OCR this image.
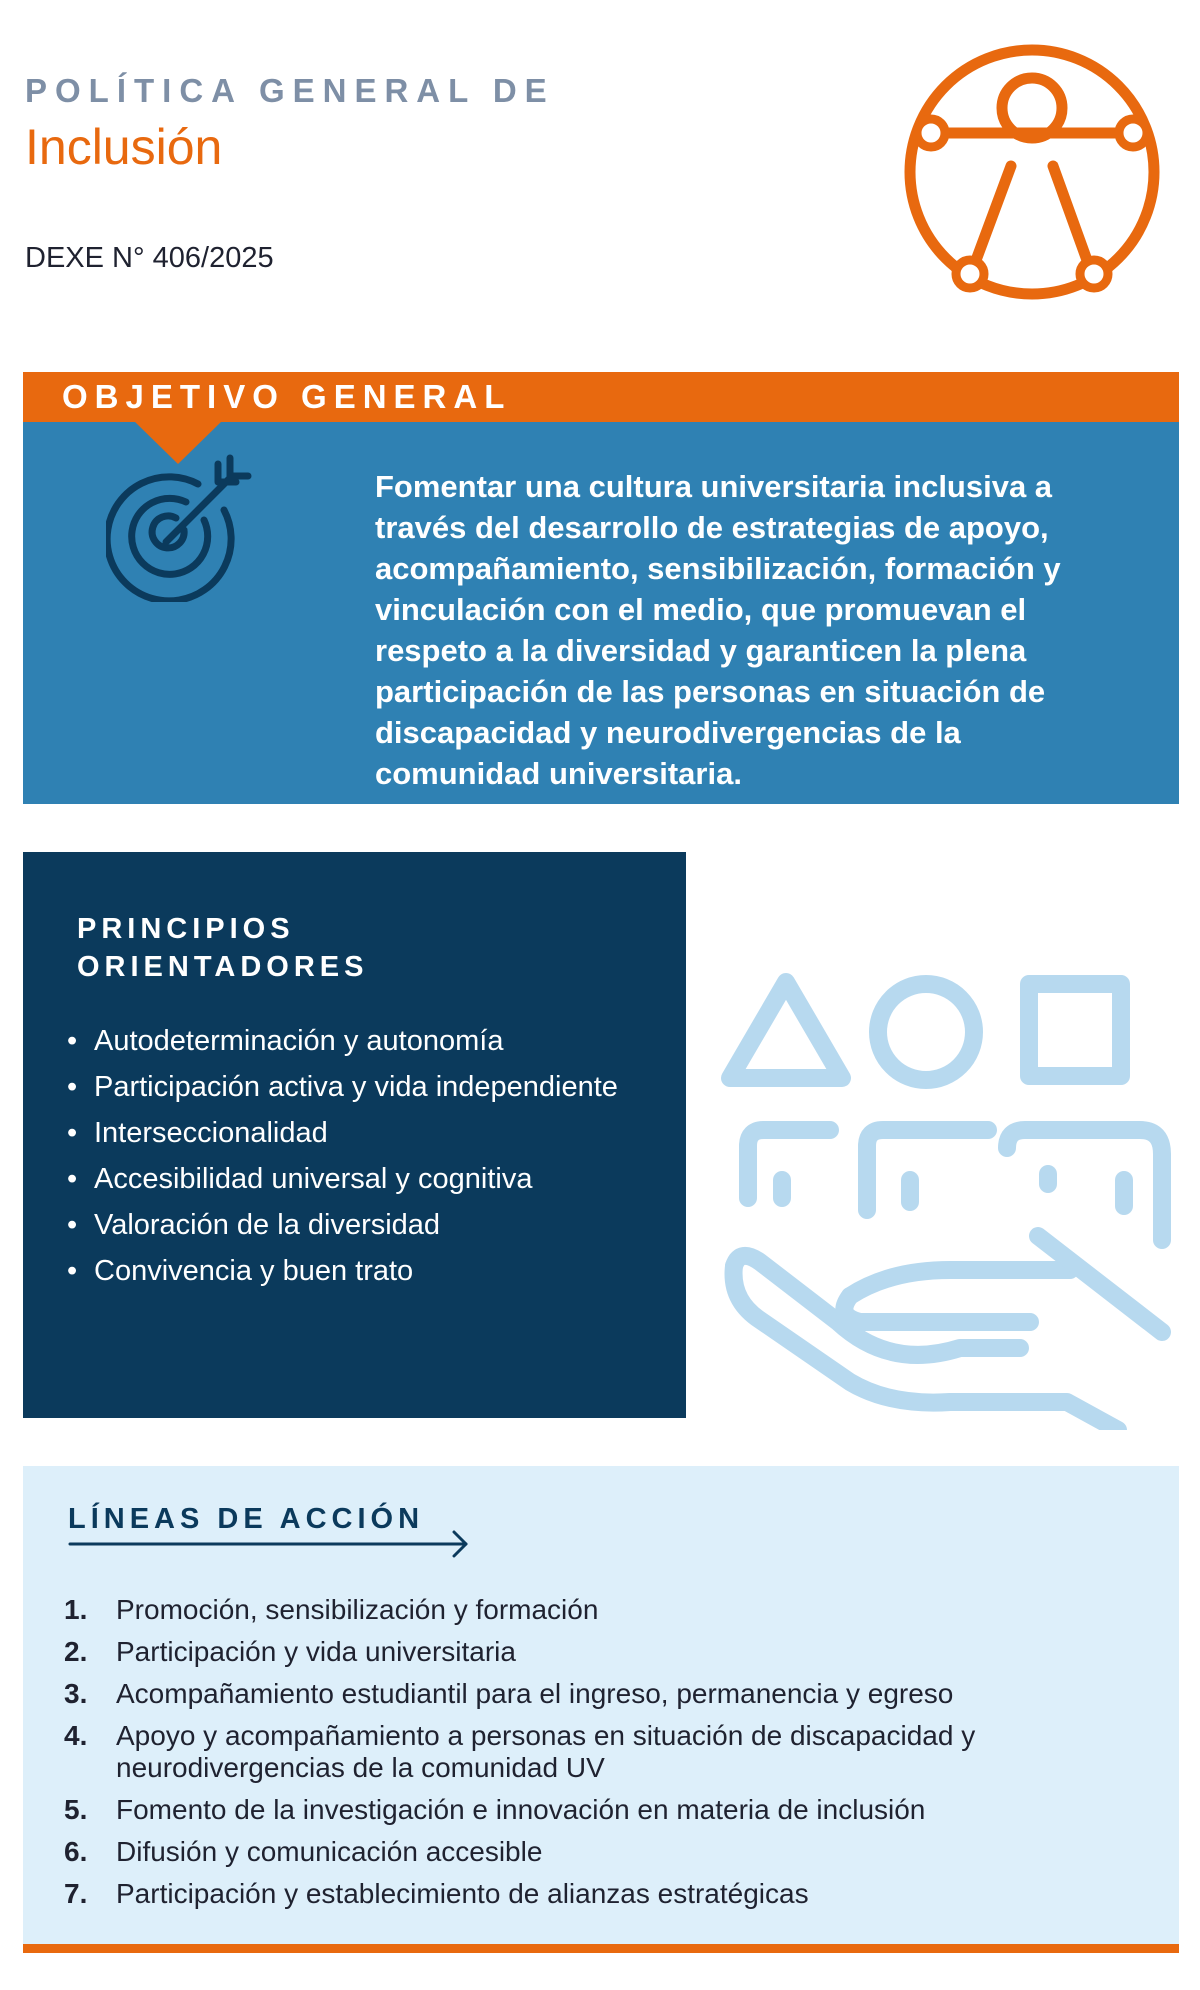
POLÍTICA GENERAL DE
Inclusión
DEXE N° 406/2025
OBJETIVO GENERAL
Fomentar una cultura universitaria inclusiva a través del desarrollo de estrategias de apoyo, acompañamiento, sensibilización, formación y vinculación con el medio, que promuevan el respeto a la diversidad y garanticen la plena participación de las personas en situación de discapacidad y neurodivergencias de la comunidad universitaria.
PRINCIPIOS ORIENTADORES
• Autodeterminación y autonomía
• Participación activa y vida independiente
• Interseccionalidad
• Accesibilidad universal y cognitiva
• Valoración de la diversidad
• Convivencia y buen trato
LÍNEAS DE ACCIÓN
1.	Promoción, sensibilización y formación
2.	Participación y vida universitaria
3.	Acompañamiento estudiantil para el ingreso, permanencia y egreso
4.	Apoyo y acompañamiento a personas en situación de discapacidad y neurodivergencias de la comunidad UV
5.	Fomento de la investigación e innovación en materia de inclusión
6.	Difusión y comunicación accesible
7.	Participación y establecimiento de alianzas estratégicas
